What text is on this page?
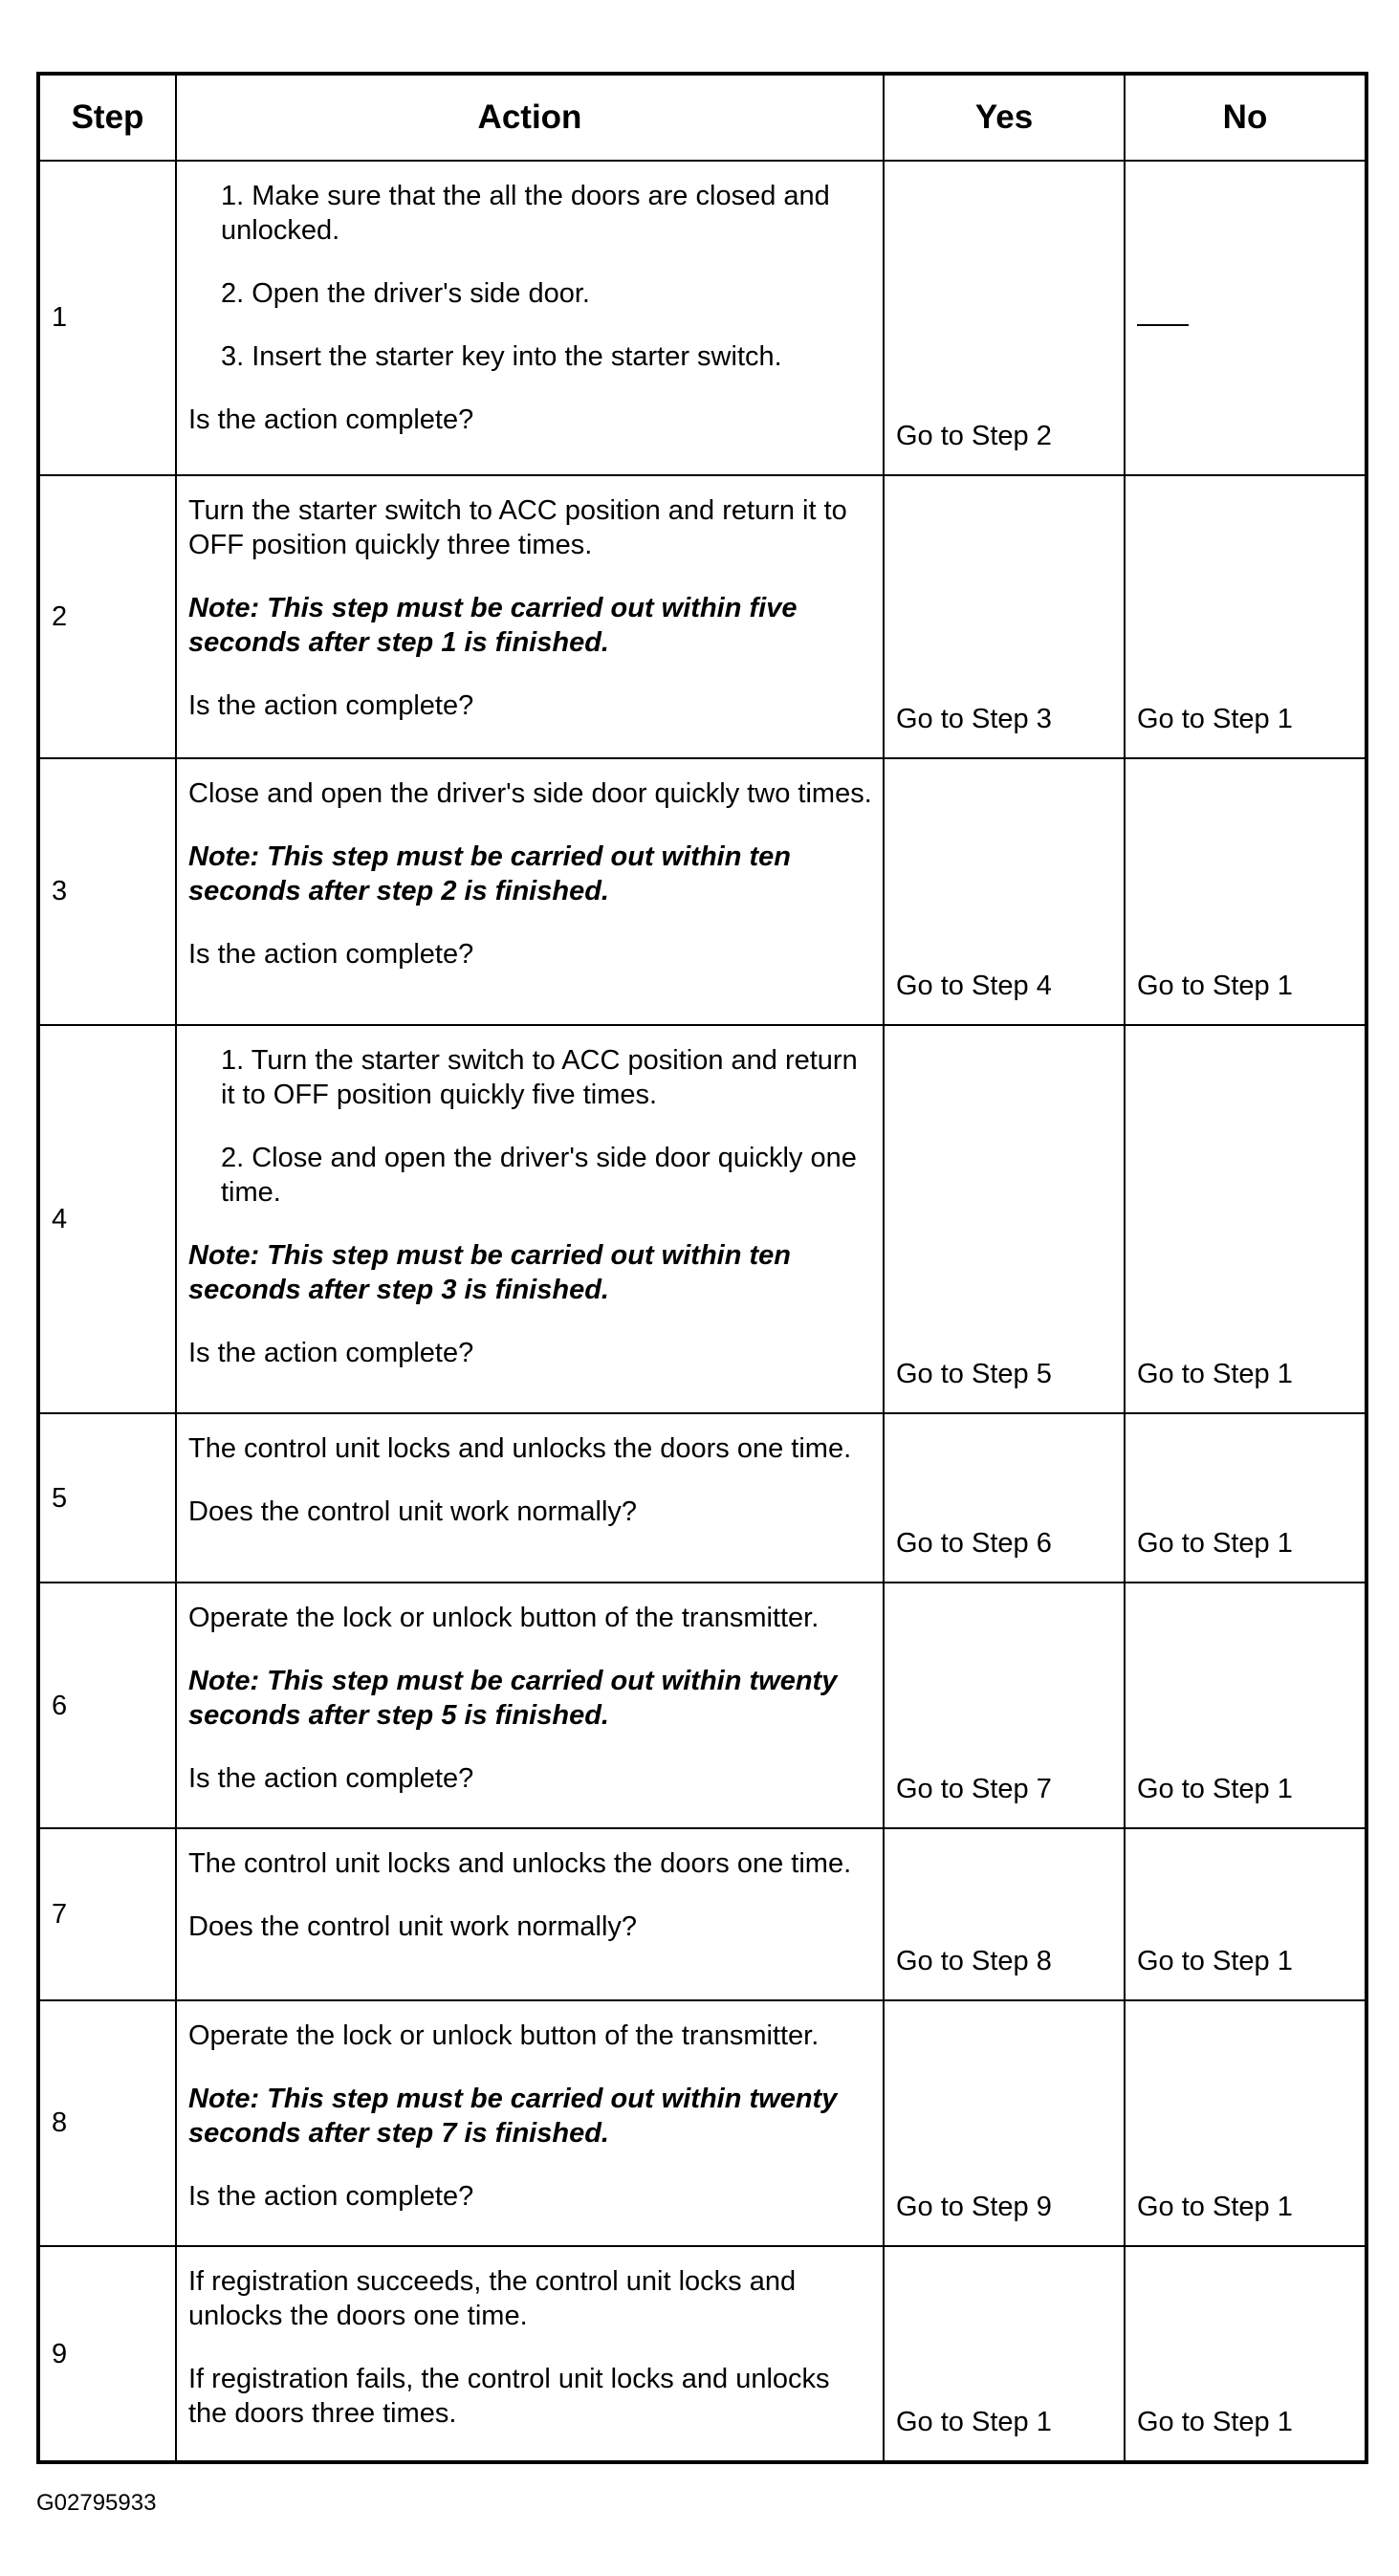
Step	Action	Yes	No
1	1. Make sure that the all the doors are closed and unlocked.
2. Open the driver's side door.
3. Insert the starter key into the starter switch.
Is the action complete?	Go to Step 2	
2	Turn the starter switch to ACC position and return it to OFF position quickly three times.
Note: This step must be carried out within five seconds after step 1 is finished.
Is the action complete?	Go to Step 3	Go to Step 1
3	Close and open the driver's side door quickly two times.
Note: This step must be carried out within ten seconds after step 2 is finished.
Is the action complete?	Go to Step 4	Go to Step 1
4	1. Turn the starter switch to ACC position and return it to OFF position quickly five times.
2. Close and open the driver's side door quickly one time.
Note: This step must be carried out within ten seconds after step 3 is finished.
Is the action complete?	Go to Step 5	Go to Step 1
5	The control unit locks and unlocks the doors one time.
Does the control unit work normally?	Go to Step 6	Go to Step 1
6	Operate the lock or unlock button of the transmitter.
Note: This step must be carried out within twenty seconds after step 5 is finished.
Is the action complete?	Go to Step 7	Go to Step 1
7	The control unit locks and unlocks the doors one time.
Does the control unit work normally?	Go to Step 8	Go to Step 1
8	Operate the lock or unlock button of the transmitter.
Note: This step must be carried out within twenty seconds after step 7 is finished.
Is the action complete?	Go to Step 9	Go to Step 1
9	If registration succeeds, the control unit locks and unlocks the doors one time.
If registration fails, the control unit locks and unlocks the doors three times.	Go to Step 1	Go to Step 1
G02795933
